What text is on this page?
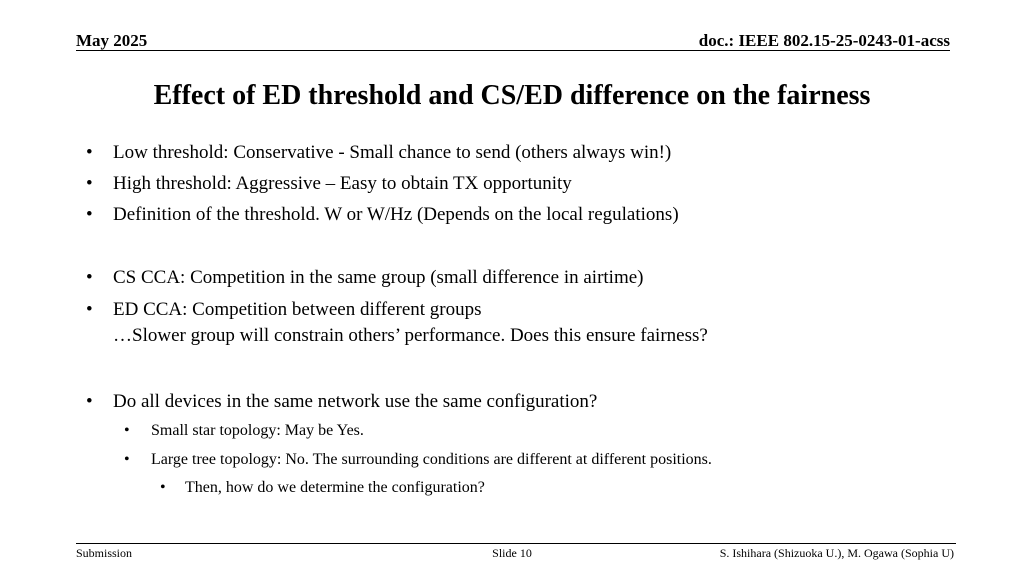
May 2025	doc.: IEEE 802.15-25-0243-01-acss
Effect of ED threshold and CS/ED difference on the fairness
• Low threshold: Conservative - Small chance to send (others always win!)
• High threshold: Aggressive – Easy to obtain TX opportunity
• Definition of the threshold. W or W/Hz (Depends on the local regulations)
• CS CCA: Competition in the same group (small difference in airtime)
• ED CCA: Competition between different groups
…Slower group will constrain others’ performance. Does this ensure fairness?
• Do all devices in the same network use the same configuration?
• Small star topology: May be Yes.
• Large tree topology: No. The surrounding conditions are different at different positions.
• Then, how do we determine the configuration?
Submission	Slide 10	S. Ishihara (Shizuoka U.), M. Ogawa (Sophia U)
